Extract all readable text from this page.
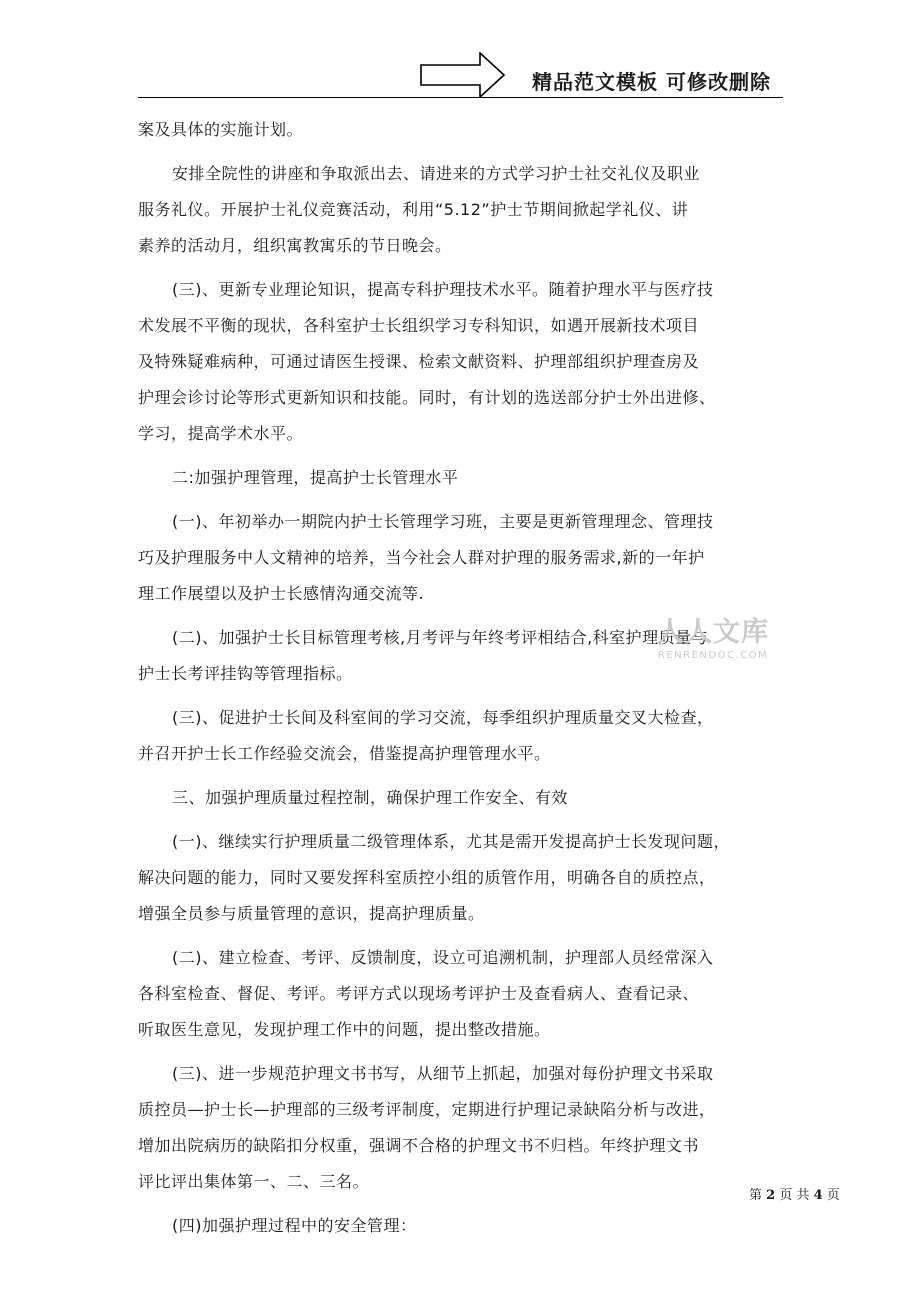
精品范文模板 可修改删除

案及具体的实施计划。

安排全院性的讲座和争取派出去、请进来的方式学习护士社交礼仪及职业

服务礼仪。开展护士礼仪竞赛活动，利用“5.12”护士节期间掀起学礼仪、讲

素养的活动月，组织寓教寓乐的节日晚会。

(三)、更新专业理论知识，提高专科护理技术水平。随着护理水平与医疗技

术发展不平衡的现状，各科室护士长组织学习专科知识，如遇开展新技术项目

及特殊疑难病种，可通过请医生授课、检索文献资料、护理部组织护理查房及

护理会诊讨论等形式更新知识和技能。同时，有计划的选送部分护士外出进修、

学习，提高学术水平。

二:加强护理管理，提高护士长管理水平

(一)、年初举办一期院内护士长管理学习班，主要是更新管理理念、管理技

巧及护理服务中人文精神的培养，当今社会人群对护理的服务需求,新的一年护

理工作展望以及护士长感情沟通交流等.

(二)、加强护士长目标管理考核,月考评与年终考评相结合,科室护理质量与

护士长考评挂钩等管理指标。

(三)、促进护士长间及科室间的学习交流，每季组织护理质量交叉大检查，

并召开护士长工作经验交流会，借鉴提高护理管理水平。

三、加强护理质量过程控制，确保护理工作安全、有效

(一)、继续实行护理质量二级管理体系，尤其是需开发提高护士长发现问题，

解决问题的能力，同时又要发挥科室质控小组的质管作用，明确各自的质控点，

增强全员参与质量管理的意识，提高护理质量。

(二)、建立检查、考评、反馈制度，设立可追溯机制，护理部人员经常深入

各科室检查、督促、考评。考评方式以现场考评护士及查看病人、查看记录、

听取医生意见，发现护理工作中的问题，提出整改措施。

(三)、进一步规范护理文书书写，从细节上抓起，加强对每份护理文书采取

质控员—护士长—护理部的三级考评制度，定期进行护理记录缺陷分析与改进，

增加出院病历的缺陷扣分权重，强调不合格的护理文书不归档。年终护理文书

评比评出集体第一、二、三名。

(四)加强护理过程中的安全管理：

人人文库
RENRENDOC.COM
第 2 页 共 4 页
